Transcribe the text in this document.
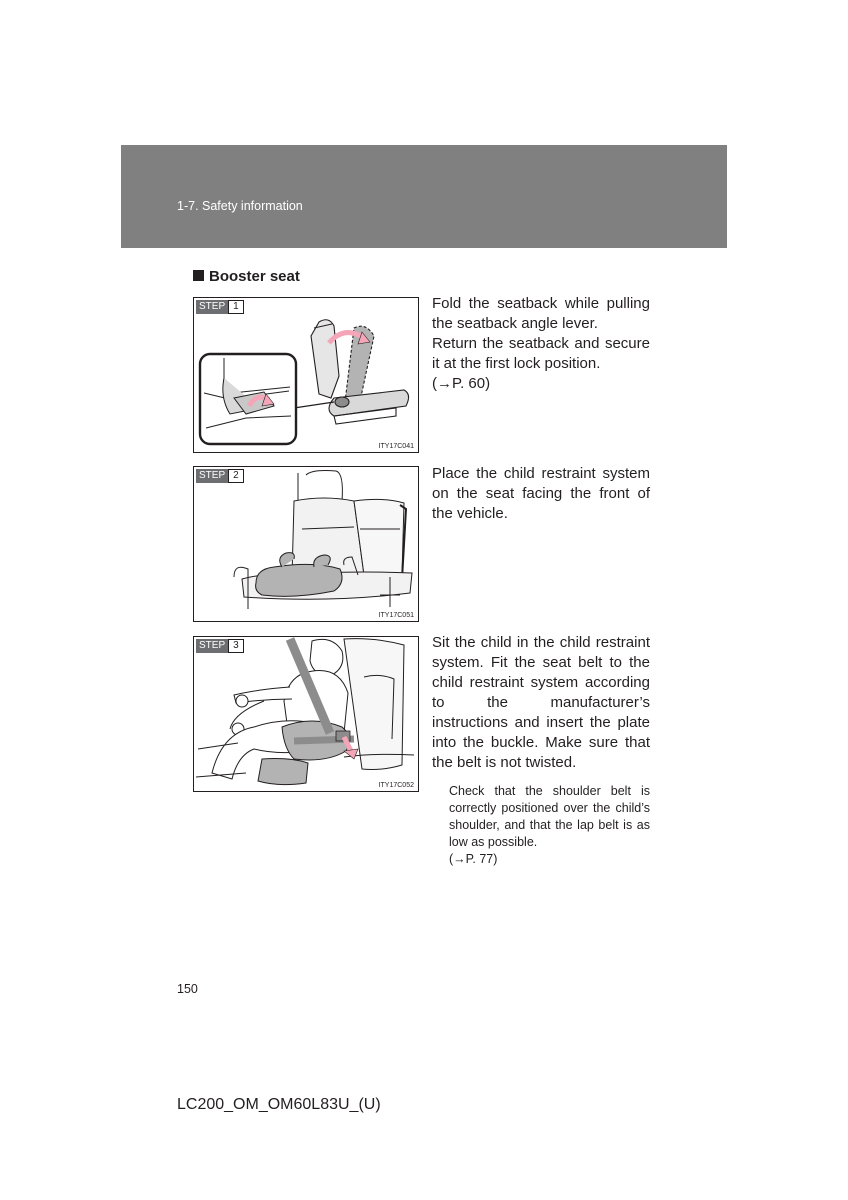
1-7. Safety information
Booster seat
STEP 1
ITY17C041
Fold the seatback while pulling the seatback angle lever.
Return the seatback and secure it at the first lock position.
(→P. 60)
STEP 2
ITY17C051
Place the child restraint system on the seat facing the front of the vehicle.
STEP 3
ITY17C052
Sit the child in the child restraint system. Fit the seat belt to the child restraint system according to the manufacturer’s instructions and insert the plate into the buckle. Make sure that the belt is not twisted.
Check that the shoulder belt is correctly positioned over the child’s shoulder, and that the lap belt is as low as possible.
(→P. 77)
150
LC200_OM_OM60L83U_(U)
